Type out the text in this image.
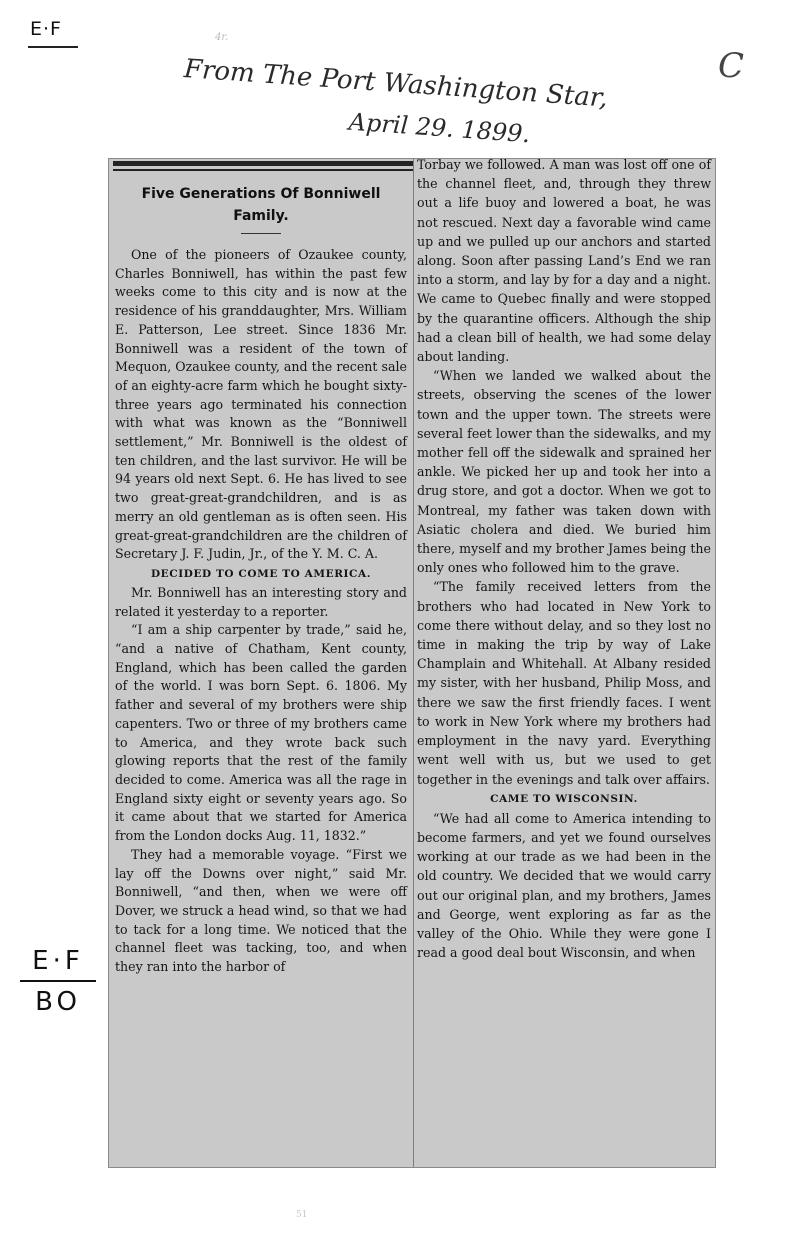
E·F	4r.
C
From The Port Washington Star,
April 29. 1899.
Five Generations Of Bonniwell Family.

One of the pioneers of Ozaukee county, Charles Bonniwell, has within the past few weeks come to this city and is now at the residence of his granddaughter, Mrs. William E. Patterson, Lee street. Since 1836 Mr. Bonniwell was a resident of the town of Mequon, Ozaukee county, and the recent sale of an eighty-acre farm which he bought sixty-three years ago terminated his connection with what was known as the “Bonniwell settlement,” Mr. Bonniwell is the oldest of ten children, and the last survivor. He will be 94 years old next Sept. 6. He has lived to see two great-great-grandchildren, and is as merry an old gentleman as is often seen. His great-great-grandchildren are the children of Secretary J. F. Judin, Jr., of the Y. M. C. A.

DECIDED TO COME TO AMERICA.

Mr. Bonniwell has an interesting story and related it yesterday to a reporter.

“I am a ship carpenter by trade,” said he, “and a native of Chatham, Kent county, England, which has been called the garden of the world. I was born Sept. 6. 1806. My father and several of my brothers were ship capenters. Two or three of my brothers came to America, and they wrote back such glowing reports that the rest of the family decided to come. America was all the rage in England sixty eight or seventy years ago. So it came about that we started for America from the London docks Aug. 11, 1832.”

They had a memorable voyage. “First we lay off the Downs over night,” said Mr. Bonniwell, “and then, when we were off Dover, we struck a head wind, so that we had to tack for a long time. We noticed that the channel fleet was tacking, too, and when they ran into the harbor of

Torbay we followed. A man was lost off one of the channel fleet, and, through they threw out a life buoy and lowered a boat, he was not rescued. Next day a favorable wind came up and we pulled up our anchors and started along. Soon after passing Land’s End we ran into a storm, and lay by for a day and a night. We came to Quebec finally and were stopped by the quarantine officers. Although the ship had a clean bill of health, we had some delay about landing.

“When we landed we walked about the streets, observing the scenes of the lower town and the upper town. The streets were several feet lower than the sidewalks, and my mother fell off the sidewalk and sprained her ankle. We picked her up and took her into a drug store, and got a doctor. When we got to Montreal, my father was taken down with Asiatic cholera and died. We buried him there, myself and my brother James being the only ones who followed him to the grave.

“The family received letters from the brothers who had located in New York to come there without delay, and so they lost no time in making the trip by way of Lake Champlain and Whitehall. At Albany resided my sister, with her husband, Philip Moss, and there we saw the first friendly faces. I went to work in New York where my brothers had employment in the navy yard. Everything went well with us, but we used to get together in the evenings and talk over affairs.

CAME TO WISCONSIN.

“We had all come to America intending to become farmers, and yet we found ourselves working at our trade as we had been in the old country. We decided that we would carry out our original plan, and my brothers, James and George, went exploring as far as the valley of the Ohio. While they were gone I read a good deal bout Wisconsin, and when

E·F
BO
51
